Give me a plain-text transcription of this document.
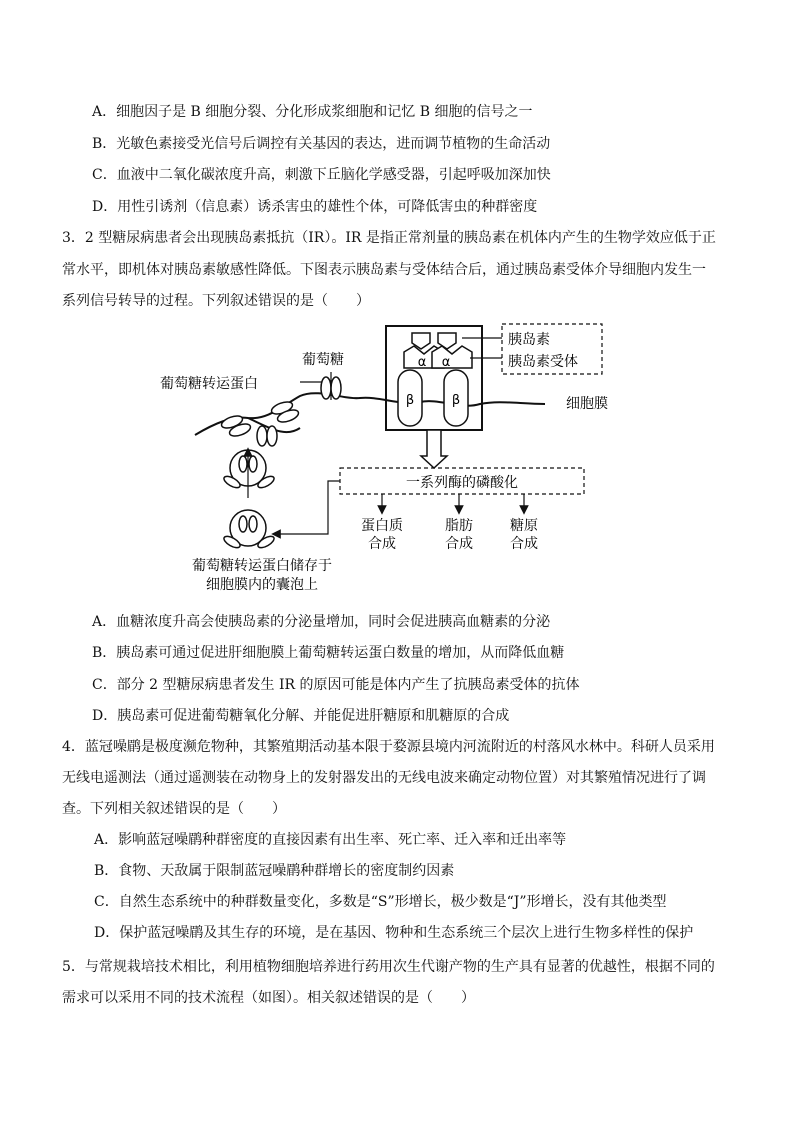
A．细胞因子是 B 细胞分裂、分化形成浆细胞和记忆 B 细胞的信号之一
B．光敏色素接受光信号后调控有关基因的表达，进而调节植物的生命活动
C．血液中二氧化碳浓度升高，刺激下丘脑化学感受器，引起呼吸加深加快
D．用性引诱剂（信息素）诱杀害虫的雄性个体，可降低害虫的种群密度
3．2 型糖尿病患者会出现胰岛素抵抗（IR）。IR 是指正常剂量的胰岛素在机体内产生的生物学效应低于正
常水平，即机体对胰岛素敏感性降低。下图表示胰岛素与受体结合后，通过胰岛素受体介导细胞内发生一
系列信号转导的过程。下列叙述错误的是（　　）
α α
β	β
胰岛素
胰岛素受体
细胞膜
葡萄糖
葡萄糖转运蛋白
一系列酶的磷酸化
蛋白质
合成
脂肪
合成
糖原
合成
葡萄糖转运蛋白储存于
细胞膜内的囊泡上
A．血糖浓度升高会使胰岛素的分泌量增加，同时会促进胰高血糖素的分泌
B．胰岛素可通过促进肝细胞膜上葡萄糖转运蛋白数量的增加，从而降低血糖
C．部分 2 型糖尿病患者发生 IR 的原因可能是体内产生了抗胰岛素受体的抗体
D．胰岛素可促进葡萄糖氧化分解、并能促进肝糖原和肌糖原的合成
4．蓝冠噪鹛是极度濒危物种，其繁殖期活动基本限于婺源县境内河流附近的村落风水林中。科研人员采用
无线电遥测法（通过遥测装在动物身上的发射器发出的无线电波来确定动物位置）对其繁殖情况进行了调
查。下列相关叙述错误的是（　　）
A．影响蓝冠噪鹛种群密度的直接因素有出生率、死亡率、迁入率和迁出率等
B．食物、天敌属于限制蓝冠噪鹛种群增长的密度制约因素
C．自然生态系统中的种群数量变化，多数是“S”形增长，极少数是“J”形增长，没有其他类型
D．保护蓝冠噪鹛及其生存的环境，是在基因、物种和生态系统三个层次上进行生物多样性的保护
5．与常规栽培技术相比，利用植物细胞培养进行药用次生代谢产物的生产具有显著的优越性，根据不同的
需求可以采用不同的技术流程（如图）。相关叙述错误的是（　　）
